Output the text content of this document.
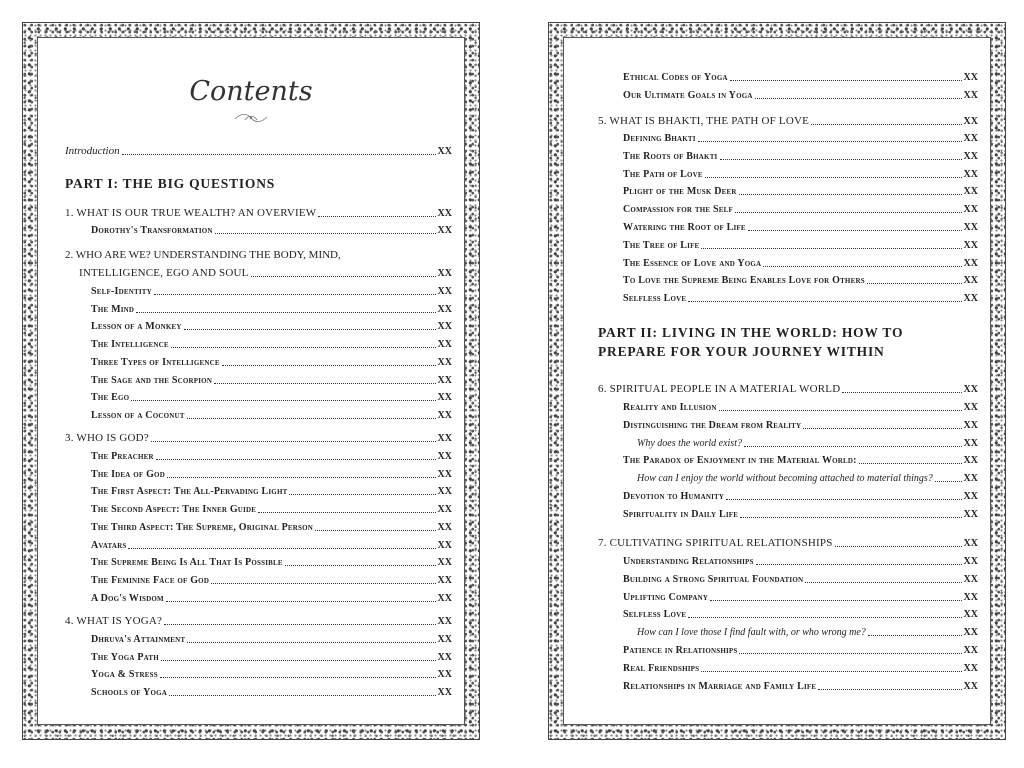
Contents
Introduction	XX
PART I: THE BIG QUESTIONS
1. WHAT IS OUR TRUE WEALTH? AN OVERVIEW	XX
Dorothy's Transformation	XX
2. WHO ARE WE? UNDERSTANDING THE BODY, MIND,
INTELLIGENCE, EGO AND SOUL	XX
Self-Identity	XX
The Mind	XX
Lesson of a Monkey	XX
The Intelligence	XX
Three Types of Intelligence	XX
The Sage and the Scorpion	XX
The Ego	XX
Lesson of a Coconut	XX
3. WHO IS GOD?	XX
The Preacher	XX
The Idea of God	XX
The First Aspect: The All-Pervading Light	XX
The Second Aspect: The Inner Guide	XX
The Third Aspect: The Supreme, Original Person	XX
Avatars	XX
The Supreme Being Is All That Is Possible	XX
The Feminine Face of God	XX
A Dog's Wisdom	XX
4. WHAT IS YOGA?	XX
Dhruva's Attainment	XX
The Yoga Path	XX
Yoga & Stress	XX
Schools of Yoga	XX
Ethical Codes of Yoga	XX
Our Ultimate Goals in Yoga	XX
5. WHAT IS BHAKTI, THE PATH OF LOVE	XX
Defining Bhakti	XX
The Roots of Bhakti	XX
The Path of Love	XX
Plight of the Musk Deer	XX
Compassion for the Self	XX
Watering the Root of Life	XX
The Tree of Life	XX
The Essence of Love and Yoga	XX
To Love the Supreme Being Enables Love for Others	XX
Selfless Love	XX
PART II: LIVING IN THE WORLD: HOW TO
PREPARE FOR YOUR JOURNEY WITHIN
6. SPIRITUAL PEOPLE IN A MATERIAL WORLD	XX
Reality and Illusion	XX
Distinguishing the Dream from Reality	XX
Why does the world exist?	XX
The Paradox of Enjoyment in the Material World:	XX
How can I enjoy the world without becoming attached to material things?	XX
Devotion to Humanity	XX
Spirituality in Daily Life	XX
7. CULTIVATING SPIRITUAL RELATIONSHIPS	XX
Understanding Relationships	XX
Building a Strong Spiritual Foundation	XX
Uplifting Company	XX
Selfless Love	XX
How can I love those I find fault with, or who wrong me?	XX
Patience in Relationships	XX
Real Friendships	XX
Relationships in Marriage and Family Life	XX
